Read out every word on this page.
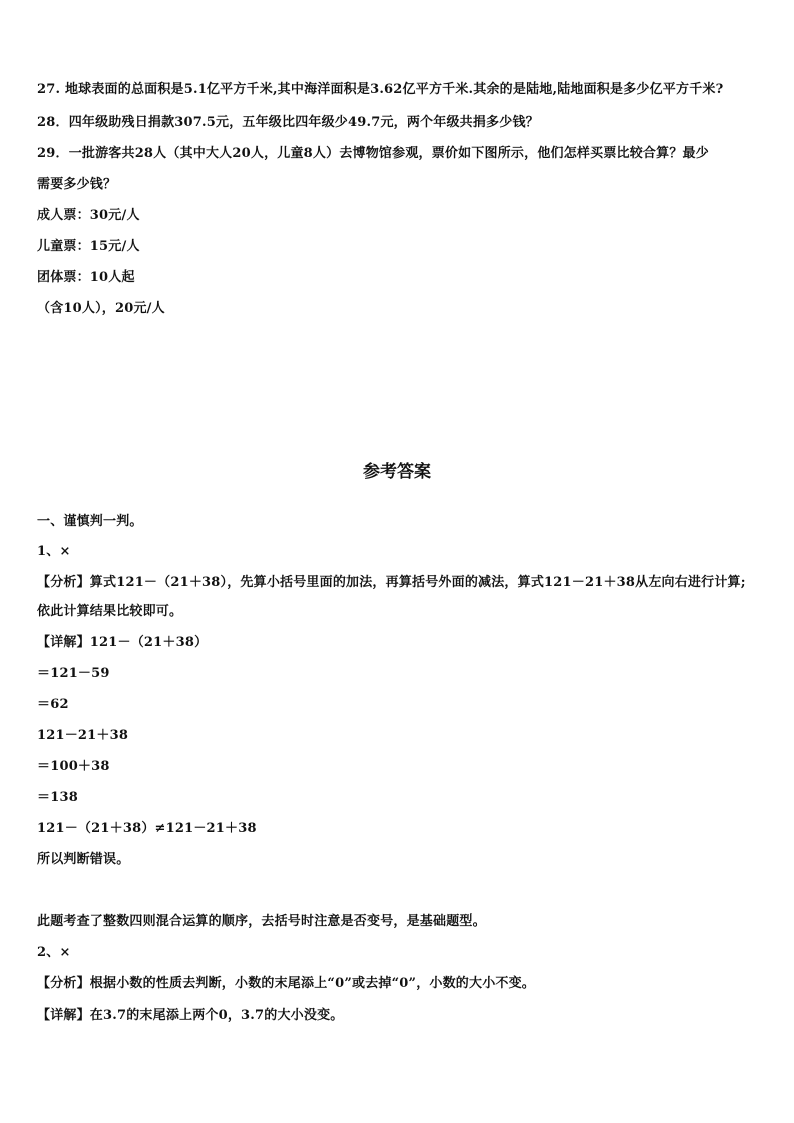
27. 地球表面的总面积是5.1亿平方千米,其中海洋面积是3.62亿平方千米.其余的是陆地,陆地面积是多少亿平方千米?
28．四年级助残日捐款307.5元，五年级比四年级少49.7元，两个年级共捐多少钱？
29．一批游客共28人（其中大人20人，儿童8人）去博物馆参观，票价如下图所示，他们怎样买票比较合算？最少
需要多少钱？
成人票：30元/人
儿童票：15元/人
团体票：10人起
（含10人），20元/人
参考答案
一、谨慎判一判。
1、×
【分析】算式121－（21＋38），先算小括号里面的加法，再算括号外面的减法，算式121－21＋38从左向右进行计算;
依此计算结果比较即可。
【详解】121－（21＋38）
＝121－59
＝62
121－21＋38
＝100＋38
＝138
121－（21＋38）≠121－21＋38
所以判断错误。
此题考查了整数四则混合运算的顺序，去括号时注意是否变号，是基础题型。
2、×
【分析】根据小数的性质去判断，小数的末尾添上“0”或去掉“0”，小数的大小不变。
【详解】在3.7的末尾添上两个0，3.7的大小没变。
